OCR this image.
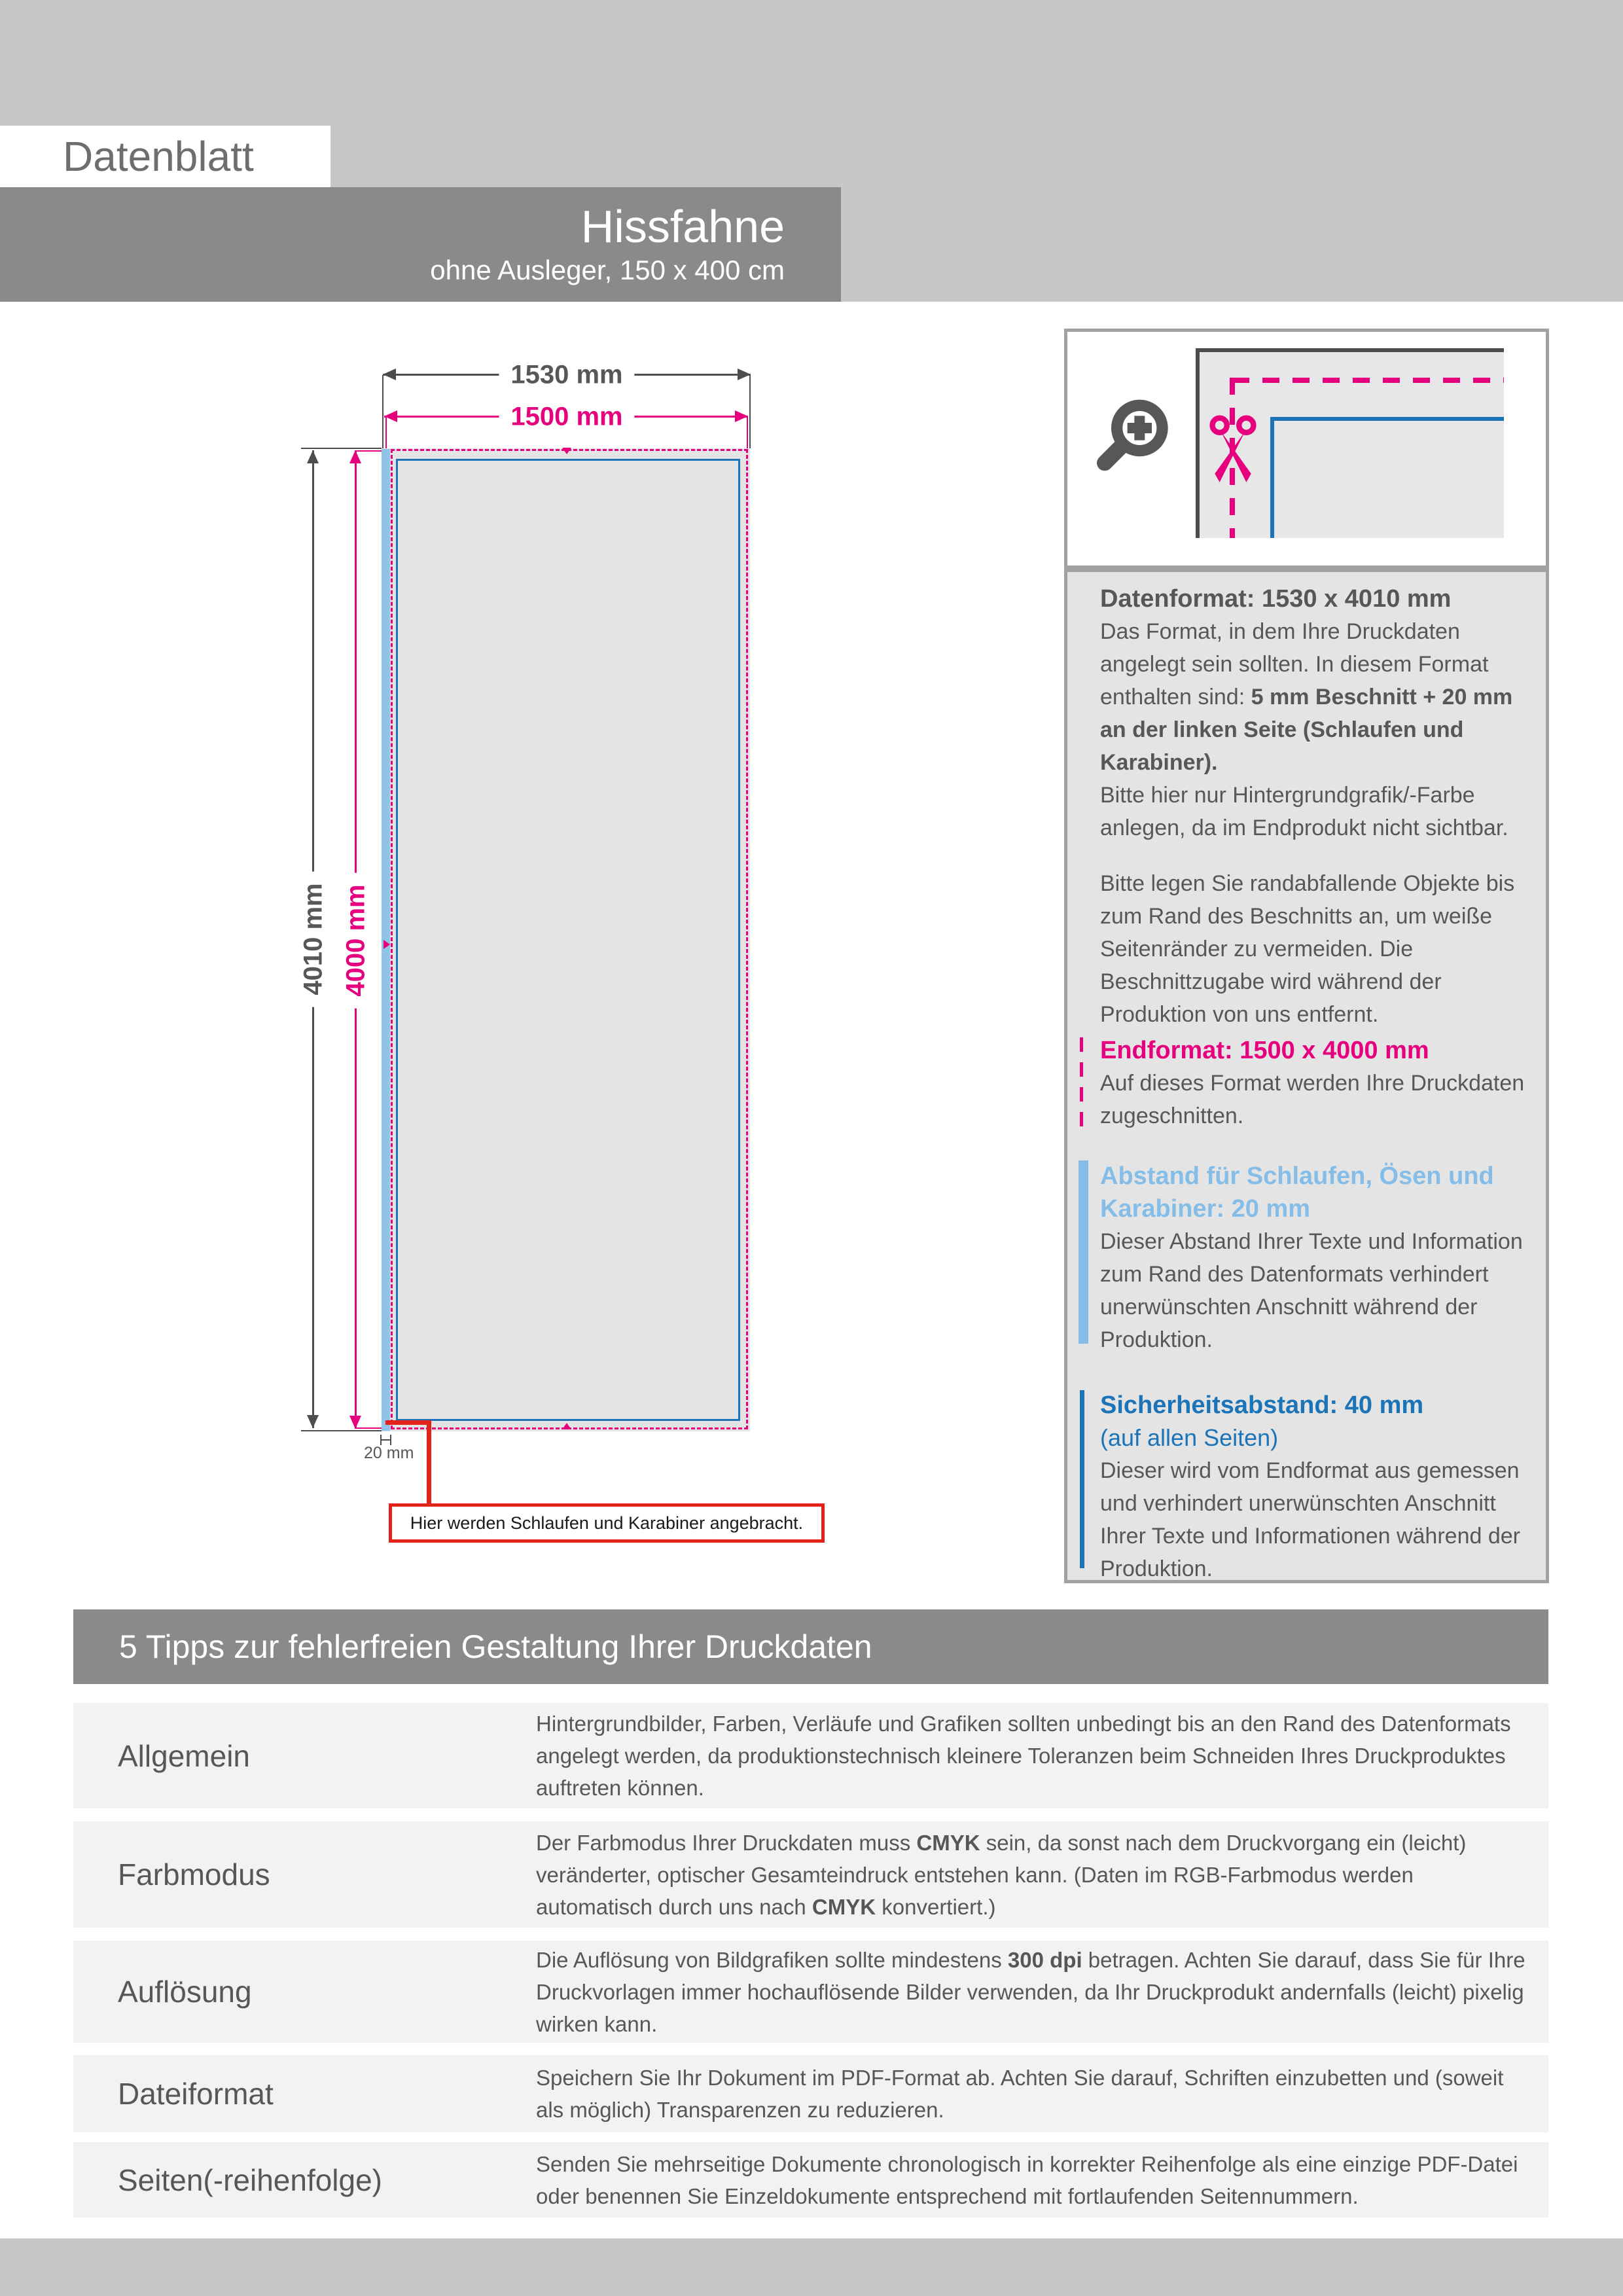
Datenblatt
Hissfahne
ohne Ausleger, 150 x 400 cm
1530 mm
1500 mm
4010 mm 4000 mm
20 mm
Hier werden Schlaufen und Karabiner angebracht.
Datenformat: 1530 x 4010 mm

Das Format, in dem Ihre Druckdaten angelegt sein sollten. In diesem Format enthalten sind: 5 mm Beschnitt + 20 mm an der linken Seite (Schlaufen und Karabiner).

Bitte hier nur Hintergrundgrafik/-Farbe anlegen, da im Endprodukt nicht sichtbar.

Bitte legen Sie randabfallende Objekte bis zum Rand des Beschnitts an, um weiße Seitenränder zu vermeiden. Die Beschnittzugabe wird während der Produktion von uns entfernt.

Endformat: 1500 x 4000 mm

Auf dieses Format werden Ihre Druckdaten zugeschnitten.

Abstand für Schlaufen, Ösen und Karabiner: 20 mm

Dieser Abstand Ihrer Texte und Information zum Rand des Datenformats verhindert unerwünschten Anschnitt während der Produktion.

Sicherheitsabstand: 40 mm
(auf allen Seiten)

Dieser wird vom Endformat aus gemessen und verhindert unerwünschten Anschnitt Ihrer Texte und Informationen während der Produktion.

5 Tipps zur fehlerfreien Gestaltung Ihrer Druckdaten
Allgemein
Hintergrundbilder, Farben, Verläufe und Grafiken sollten unbedingt bis an den Rand des Datenformats angelegt werden, da produktionstechnisch kleinere Toleranzen beim Schneiden Ihres Druckproduktes auftreten können.
Farbmodus
Der Farbmodus Ihrer Druckdaten muss CMYK sein, da sonst nach dem Druckvorgang ein (leicht) veränderter, optischer Gesamteindruck entstehen kann. (Daten im RGB-Farbmodus werden automatisch durch uns nach CMYK konvertiert.)
Auflösung
Die Auflösung von Bildgrafiken sollte mindestens 300 dpi betragen. Achten Sie darauf, dass Sie für Ihre Druckvorlagen immer hochauflösende Bilder verwenden, da Ihr Druckprodukt andernfalls (leicht) pixelig wirken kann.
Dateiformat	Speichern Sie Ihr Dokument im PDF-Format ab. Achten Sie darauf, Schriften einzubetten und (soweit als möglich) Transparenzen zu reduzieren.
Seiten(-reihenfolge)	Senden Sie mehrseitige Dokumente chronologisch in korrekter Reihenfolge als eine einzige PDF-Datei oder benennen Sie Einzeldokumente entsprechend mit fortlaufenden Seitennummern.
